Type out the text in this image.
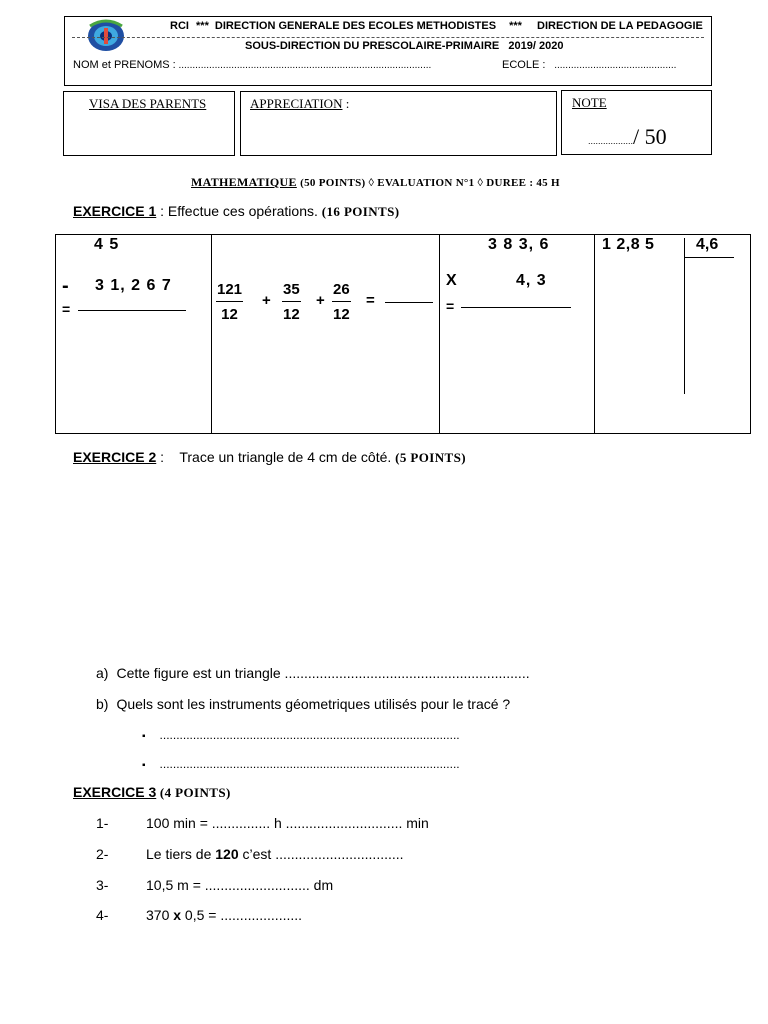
RCI *** DIRECTION GENERALE DES ECOLES METHODISTES *** DIRECTION DE LA PEDAGOGIE
SOUS-DIRECTION DU PRESCOLAIRE-PRIMAIRE   2019/ 2020
NOM et PRENOMS : ...........................................................................................	ECOLE : ............................................
VISA DES PARENTS	APPRECIATION :	NOTE
................../ 50
MATHEMATIQUE (50 POINTS) ◊ EVALUATION N°1 ◊ DUREE : 45 H
EXERCICE 1 : Effectue ces opérations. (16 POINTS)
4 5
- 3 1, 2 6 7
=	$\frac{121}{12} + \frac{35}{12} + \frac{26}{12}$ =
3 8 3, 6
X	4, 3
=
1 2,8 5	4,6
EXERCICE 2 :    Trace un triangle de 4 cm de côté. (5 POINTS)
a) Cette figure est un triangle ...............................................................
b) Quels sont les instruments géometriques utilisés pour le tracé ?
▪ ..........................................................................................
▪ ..........................................................................................
EXERCICE 3 (4 POINTS)
1-	100 min = ............... h .............................. min
2-	Le tiers de 120 c’est .................................
3-	10,5 m = ........................... dm
4-	370 x 0,5 = .....................
